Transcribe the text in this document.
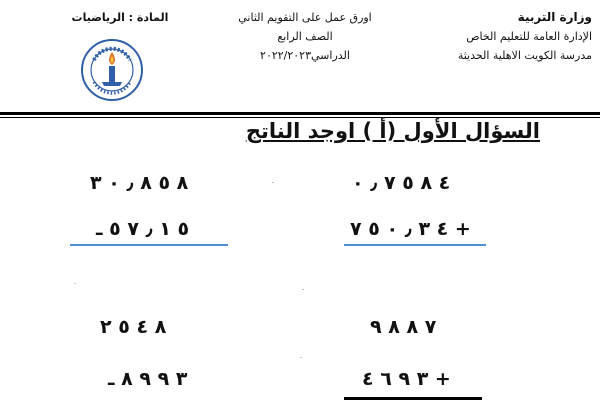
وزارة التربية
الإدارة العامة للتعليم الخاص
مدرسة الكويت الاهلية الحديثة
اورق عمل على التقويم الثاني
الصف الرابع
الدراسي٢٠٢٢/٢٠٢٣
المادة : الرياضيات
السؤال الأول (أ ) اوجد الناتج
٤ ٨ ٥ ٧ ٫ ٠
٤ ٣ ٫ ٠ ٥ ٧ +
٨ ٥ ٨ ٫ ٠ ٣
٥ ١ ٫ ٧ ٥ ـ
٧ ٨ ٨ ٩
٣ ٩ ٦ ٤ +
٨ ٤ ٥ ٢
٣ ٩ ٩ ٨ ـ
